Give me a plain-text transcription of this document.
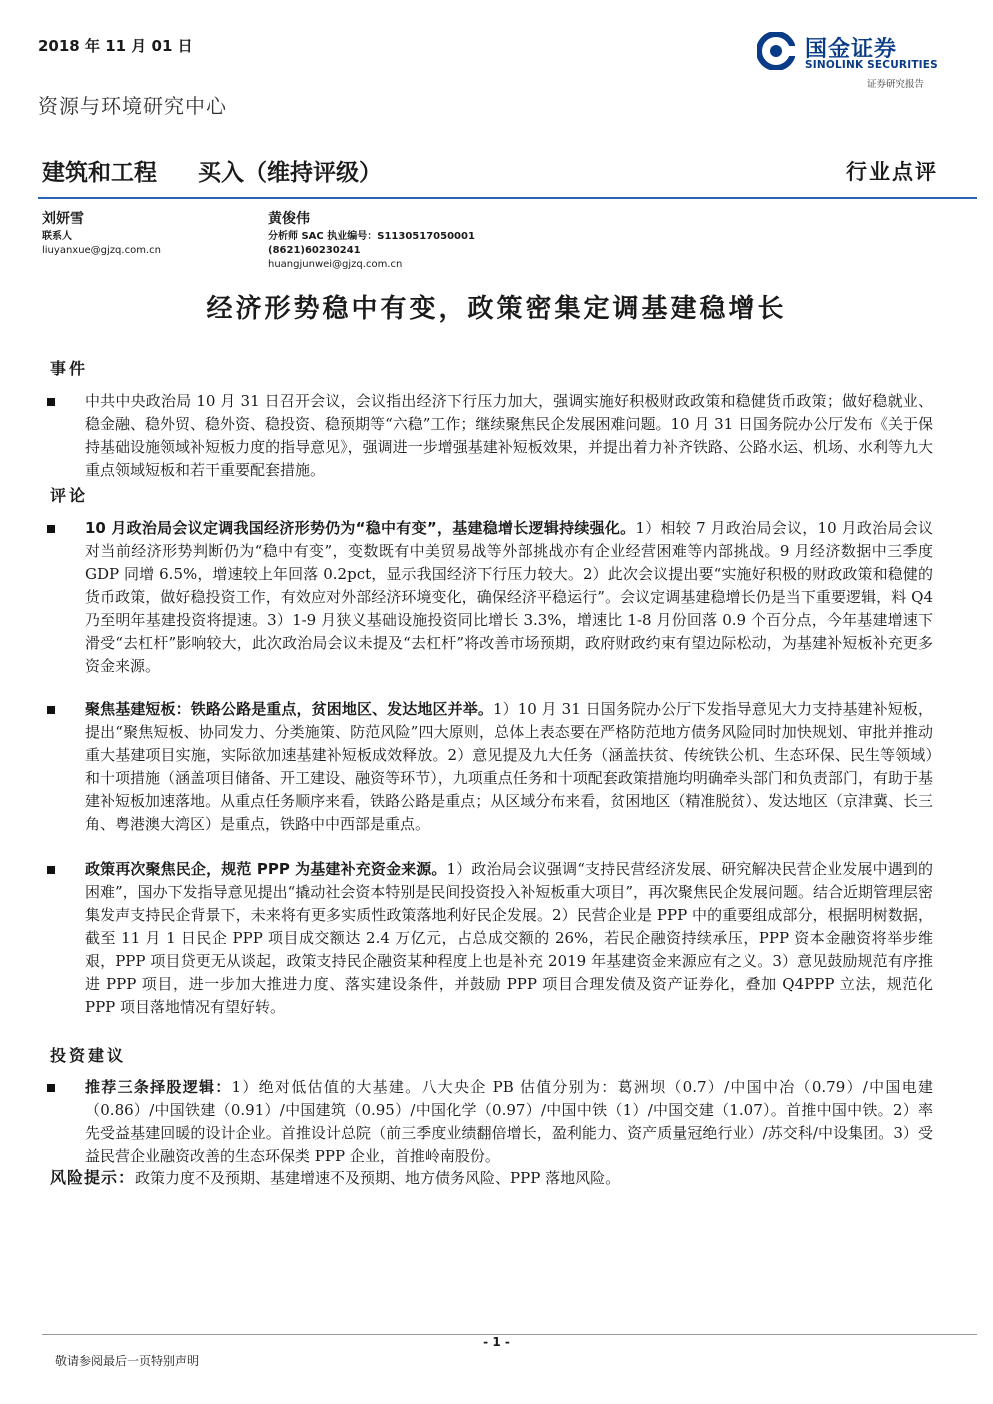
2018 年 11 月 01 日
资源与环境研究中心
国金证券
SINOLINK SECURITIES
证券研究报告
建筑和工程 买入（维持评级）	行业点评
刘妍雪
联系人
liuyanxue@gjzq.com.cn
黄俊伟
分析师 SAC 执业编号：S1130517050001
(8621)60230241
huangjunwei@gjzq.com.cn
经济形势稳中有变，政策密集定调基建稳增长
事件
中共中央政治局 10 月 31 日召开会议，会议指出经济下行压力加大，强调实施好积极财政政策和稳健货币政策；做好稳就业、稳金融、稳外贸、稳外资、稳投资、稳预期等“六稳”工作；继续聚焦民企发展困难问题。10 月 31 日国务院办公厅发布《关于保持基础设施领域补短板力度的指导意见》，强调进一步增强基建补短板效果，并提出着力补齐铁路、公路水运、机场、水利等九大重点领域短板和若干重要配套措施。
评论
10 月政治局会议定调我国经济形势仍为“稳中有变”，基建稳增长逻辑持续强化。1）相较 7 月政治局会议，10 月政治局会议对当前经济形势判断仍为“稳中有变”，变数既有中美贸易战等外部挑战亦有企业经营困难等内部挑战。9 月经济数据中三季度 GDP 同增 6.5%，增速较上年回落 0.2pct，显示我国经济下行压力较大。2）此次会议提出要“实施好积极的财政政策和稳健的货币政策，做好稳投资工作，有效应对外部经济环境变化，确保经济平稳运行”。会议定调基建稳增长仍是当下重要逻辑，料 Q4 乃至明年基建投资将提速。3）1-9 月狭义基础设施投资同比增长 3.3%，增速比 1-8 月份回落 0.9 个百分点，今年基建增速下滑受“去杠杆”影响较大，此次政治局会议未提及“去杠杆”将改善市场预期，政府财政约束有望边际松动，为基建补短板补充更多资金来源。
聚焦基建短板：铁路公路是重点，贫困地区、发达地区并举。1）10 月 31 日国务院办公厅下发指导意见大力支持基建补短板，提出“聚焦短板、协同发力、分类施策、防范风险”四大原则，总体上表态要在严格防范地方债务风险同时加快规划、审批并推动重大基建项目实施，实际欲加速基建补短板成效释放。2）意见提及九大任务（涵盖扶贫、传统铁公机、生态环保、民生等领域）和十项措施（涵盖项目储备、开工建设、融资等环节），九项重点任务和十项配套政策措施均明确牵头部门和负责部门，有助于基建补短板加速落地。从重点任务顺序来看，铁路公路是重点；从区域分布来看，贫困地区（精准脱贫）、发达地区（京津冀、长三角、粤港澳大湾区）是重点，铁路中中西部是重点。
政策再次聚焦民企，规范 PPP 为基建补充资金来源。1）政治局会议强调“支持民营经济发展、研究解决民营企业发展中遇到的困难”，国办下发指导意见提出“撬动社会资本特别是民间投资投入补短板重大项目”，再次聚焦民企发展问题。结合近期管理层密集发声支持民企背景下，未来将有更多实质性政策落地利好民企发展。2）民营企业是 PPP 中的重要组成部分，根据明树数据，截至 11 月 1 日民企 PPP 项目成交额达 2.4 万亿元，占总成交额的 26%，若民企融资持续承压，PPP 资本金融资将举步维艰，PPP 项目贷更无从谈起，政策支持民企融资某种程度上也是补充 2019 年基建资金来源应有之义。3）意见鼓励规范有序推进 PPP 项目，进一步加大推进力度、落实建设条件，并鼓励 PPP 项目合理发债及资产证券化，叠加 Q4PPP 立法，规范化 PPP 项目落地情况有望好转。
投资建议
推荐三条择股逻辑：1）绝对低估值的大基建。八大央企 PB 估值分别为：葛洲坝（0.7）/中国中冶（0.79）/中国电建（0.86）/中国铁建（0.91）/中国建筑（0.95）/中国化学（0.97）/中国中铁（1）/中国交建（1.07）。首推中国中铁。2）率先受益基建回暖的设计企业。首推设计总院（前三季度业绩翻倍增长，盈利能力、资产质量冠绝行业）/苏交科/中设集团。3）受益民营企业融资改善的生态环保类 PPP 企业，首推岭南股份。
风险提示：政策力度不及预期、基建增速不及预期、地方债务风险、PPP 落地风险。
- 1 -
敬请参阅最后一页特别声明
